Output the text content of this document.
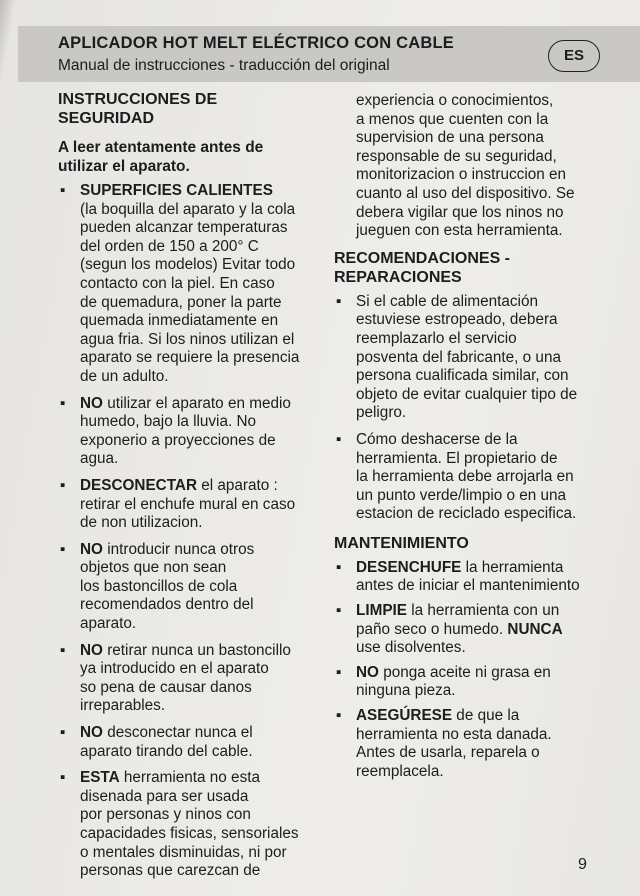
APLICADOR HOT MELT ELÉCTRICO CON CABLE
Manual de instrucciones - traducción del original
ES
INSTRUCCIONES DE
SEGURIDAD
A leer atentamente antes de
utilizar el aparato.
▪ SUPERFICIES CALIENTES
(la boquilla del aparato y la cola
pueden alcanzar temperaturas
del orden de 150 a 200° C
(segun los modelos) Evitar todo
contacto con la piel. En caso
de quemadura, poner la parte
quemada inmediatamente en
agua fria. Si los ninos utilizan el
aparato se requiere la presencia
de un adulto.
▪ NO utilizar el aparato en medio
humedo, bajo la lluvia. No
exponerio a proyecciones de
agua.
▪ DESCONECTAR el aparato :
retirar el enchufe mural en caso
de non utilizacion.
▪ NO introducir nunca otros
objetos que non sean
los bastoncillos de cola
recomendados dentro del
aparato.
▪ NO retirar nunca un bastoncillo
ya introducido en el aparato
so pena de causar danos
irreparables.
▪ NO desconectar nunca el
aparato tirando del cable.
▪ ESTA herramienta no esta
disenada para ser usada
por personas y ninos con
capacidades fisicas, sensoriales
o mentales disminuidas, ni por
personas que carezcan de
experiencia o conocimientos,
a menos que cuenten con la
supervision de una persona
responsable de su seguridad,
monitorizacion o instruccion en
cuanto al uso del dispositivo. Se
debera vigilar que los ninos no
jueguen con esta herramienta.
RECOMENDACIONES -
REPARACIONES
▪ Si el cable de alimentación
estuviese estropeado, debera
reemplazarlo el servicio
posventa del fabricante, o una
persona cualificada similar, con
objeto de evitar cualquier tipo de
peligro.
▪ Cómo deshacerse de la
herramienta. El propietario de
la herramienta debe arrojarla en
un punto verde/limpio o en una
estacion de reciclado especifica.
MANTENIMIENTO
▪ DESENCHUFE la herramienta
antes de iniciar el mantenimiento
▪ LIMPIE la herramienta con un
paño seco o humedo. NUNCA
use disolventes.
▪ NO ponga aceite ni grasa en
ninguna pieza.
▪ ASEGÚRESE de que la
herramienta no esta danada.
Antes de usarla, reparela o
reemplacela.
9
